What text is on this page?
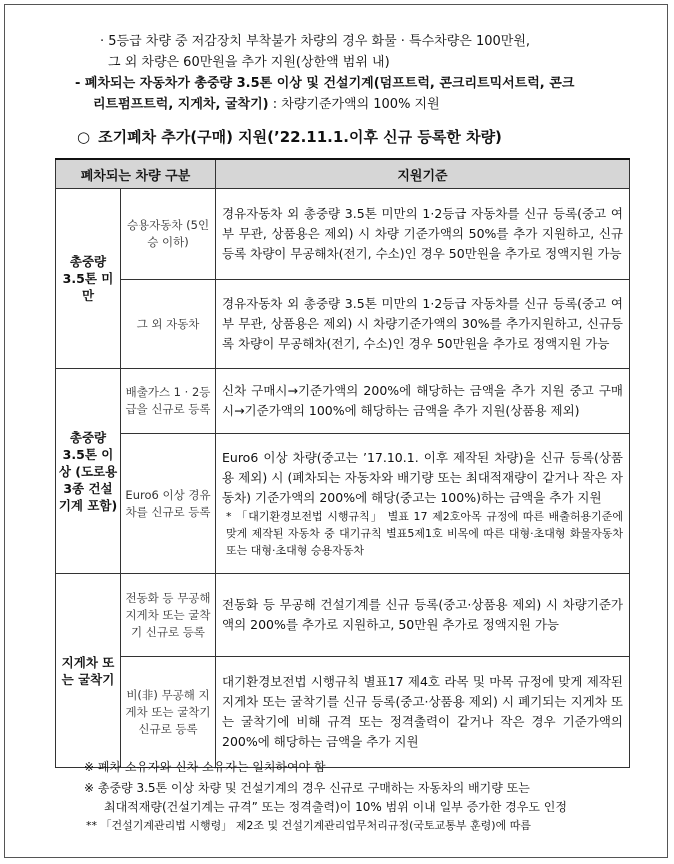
· 5등급 차량 중 저감장치 부착불가 차량의 경우 화물 · 특수차량은 100만원,
그 외 차량은 60만원을 추가 지원(상한액 범위 내)
- 폐차되는 자동차가 총중량 3.5톤 이상 및 건설기계(덤프트럭, 콘크리트믹서트럭, 콘크
리트펌프트럭, 지게차, 굴착기) : 차량기준가액의 100% 지원
○ 조기폐차 추가(구매) 지원(’22.11.1.이후 신규 등록한 차량)
폐차되는 차량 구분		지원기준
총중량 3.5톤 미만	승용자동차 (5인승 이하)	경유자동차 외 총중량 3.5톤 미만의 1·2등급 자동차를 신규 등록(중고 여부 무관, 상품용은 제외) 시 차량 기준가액의 50%를 추가 지원하고, 신규 등록 차량이 무공해차(전기, 수소)인 경우 50만원을 추가로 정액지원 가능
	그 외 자동차	경유자동차 외 총중량 3.5톤 미만의 1·2등급 자동차를 신규 등록(중고 여부 무관, 상품용은 제외) 시 차량기준가액의 30%를 추가지원하고, 신규등록 차량이 무공해차(전기, 수소)인 경우 50만원을 추가로 정액지원 가능
총중량 3.5톤 이상 (도로용3종 건설기계 포함)	배출가스 1 · 2등급을 신규로 등록	신차 구매시→기준가액의 200%에 해당하는 금액을 추가 지원 중고 구매시→기준가액의 100%에 해당하는 금액을 추가 지원(상품용 제외)
	Euro6 이상 경유차를 신규로 등록	Euro6 이상 차량(중고는 ’17.10.1. 이후 제작된 차량)을 신규 등록(상품용 제외) 시 (폐차되는 자동차와 배기량 또는 최대적재량이 같거나 작은 자동차) 기준가액의 200%에 해당(중고는 100%)하는 금액을 추가 지원
* 「대기환경보전법 시행규칙」 별표 17 제2호아목 규정에 따른 배출허용기준에 맞게 제작된 자동차 중 대기규칙 별표5제1호 비목에 따른 대형·초대형 화물자동차 또는 대형·초대형 승용자동차

지게차 또는 굴착기	전동화 등 무공해 지게차 또는 굴착기 신규로 등록	전동화 등 무공해 건설기계를 신규 등록(중고·상품용 제외) 시 차량기준가액의 200%를 추가로 지원하고, 50만원 추가로 정액지원 가능
	비(非) 무공해 지게차 또는 굴착기 신규로 등록	대기환경보전법 시행규칙 별표17 제4호 라목 및 마목 규정에 맞게 제작된 지게차 또는 굴착기를 신규 등록(중고·상품용 제외) 시 폐기되는 지게차 또는 굴착기에 비해 규격 또는 정격출력이 같거나 작은 경우 기준가액의 200%에 해당하는 금액을 추가 지원
※ 폐차 소유자와 신차 소유자는 일치하여야 함
※ 총중량 3.5톤 이상 차량 및 건설기계의 경우 신규로 구매하는 자동차의 배기량 또는
최대적재량(건설기계는 규격” 또는 정격출력)이 10% 범위 이내 일부 증가한 경우도 인정
** 「건설기계관리법 시행령」 제2조 및 건설기계관리업무처리규정(국토교통부 훈령)에 따름
